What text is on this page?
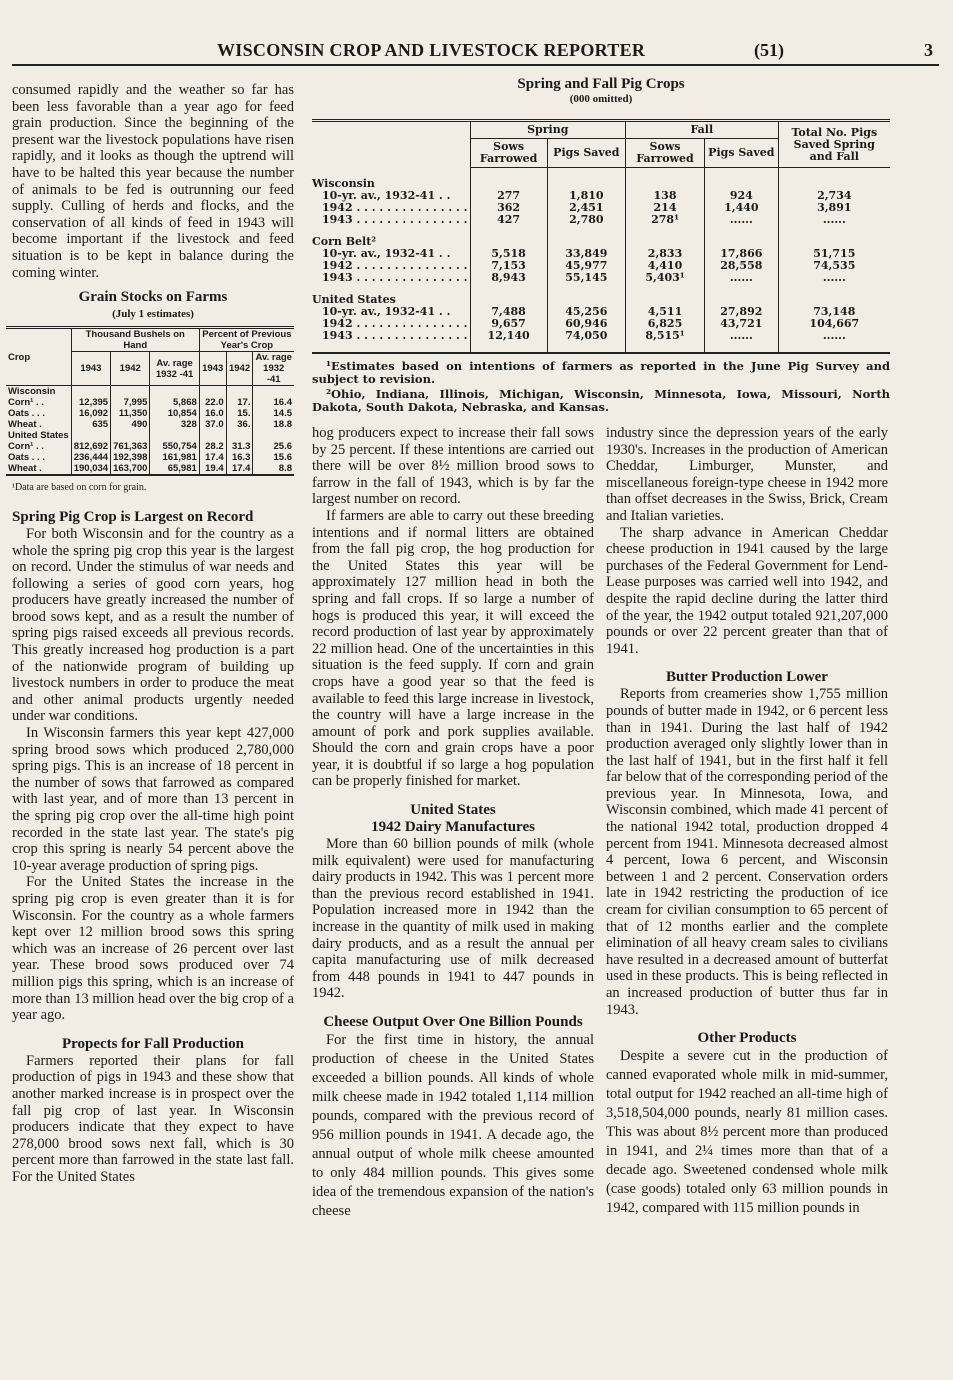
WISCONSIN CROP AND LIVESTOCK REPORTER	(51)	3

consumed rapidly and the weather so far has been less favorable than a year ago for feed grain production. Since the beginning of the present war the livestock populations have risen rapidly, and it looks as though the uptrend will have to be halted this year because the number of animals to be fed is outrunning our feed supply. Culling of herds and flocks, and the conservation of all kinds of feed in 1943 will become important if the livestock and feed situation is to be kept in balance during the coming winter.

Grain Stocks on Farms
(July 1 estimates)
Crop	Thousand Bushels on Hand			Percent of Previous Year's Crop		
	1943	1942	Av. rage 1932 -41	1943	1942	Av. rage 1932 -41
Wisconsin						
Corn¹ . .	12,395	7,995	5,868	22.0	17.	16.4
Oats . . .	16,092	11,350	10,854	16.0	15.	14.5
Wheat .	635	490	328	37.0	36.	18.8
United States						
Corn¹ . .	812,692	761,363	550,754	28.2	31.3	25.6
Oats . . .	236,444	192,398	161,981	17.4	16.3	15.6
Wheat .	190,034	163,700	65,981	19.4	17.4	8.8
¹Data are based on corn for grain.
Spring Pig Crop is Largest on Record

For both Wisconsin and for the country as a whole the spring pig crop this year is the largest on record. Under the stimulus of war needs and following a series of good corn years, hog producers have greatly increased the number of brood sows kept, and as a result the number of spring pigs raised exceeds all previous records. This greatly increased hog production is a part of the nationwide program of building up livestock numbers in order to produce the meat and other animal products urgently needed under war conditions.

In Wisconsin farmers this year kept 427,000 spring brood sows which produced 2,780,000 spring pigs. This is an increase of 18 percent in the number of sows that farrowed as compared with last year, and of more than 13 percent in the spring pig crop over the all-time high point recorded in the state last year. The state's pig crop this spring is nearly 54 percent above the 10-year average production of spring pigs.

For the United States the increase in the spring pig crop is even greater than it is for Wisconsin. For the country as a whole farmers kept over 12 million brood sows this spring which was an increase of 26 percent over last year. These brood sows produced over 74 million pigs this spring, which is an increase of more than 13 million head over the big crop of a year ago.

Propects for Fall Production

Farmers reported their plans for fall production of pigs in 1943 and these show that another marked increase is in prospect over the fall pig crop of last year. In Wisconsin producers indicate that they expect to have 278,000 brood sows next fall, which is 30 percent more than farrowed in the state last fall. For the United States

Spring and Fall Pig Crops
(000 omitted)
	Spring		Fall		Total No. Pigs Saved Spring and Fall
	Sows Farrowed	Pigs Saved	Sows Farrowed	Pigs Saved	

Wisconsin					
10-yr. av., 1932-41 . .	277	1,810	138	924	2,734
1942 . . . . . . . . . . . . . . .	362	2,451	214	1,440	3,891
1943 . . . . . . . . . . . . . . .	427	2,780	278¹	......	......

Corn Belt²					
10-yr. av., 1932-41 . .	5,518	33,849	2,833	17,866	51,715
1942 . . . . . . . . . . . . . . .	7,153	45,977	4,410	28,558	74,535
1943 . . . . . . . . . . . . . . .	8,943	55,145	5,403¹	......	......

United States					
10-yr. av., 1932-41 . .	7,488	45,256	4,511	27,892	73,148
1942 . . . . . . . . . . . . . . .	9,657	60,946	6,825	43,721	104,667
1943 . . . . . . . . . . . . . . .	12,140	74,050	8,515¹	......	......

¹Estimates based on intentions of farmers as reported in the June Pig Survey and subject to revision.

²Ohio, Indiana, Illinois, Michigan, Wisconsin, Minnesota, Iowa, Missouri, North Dakota, South Dakota, Nebraska, and Kansas.

hog producers expect to increase their fall sows by 25 percent. If these intentions are carried out there will be over 8½ million brood sows to farrow in the fall of 1943, which is by far the largest number on record.

If farmers are able to carry out these breeding intentions and if normal litters are obtained from the fall pig crop, the hog production for the United States this year will be approximately 127 million head in both the spring and fall crops. If so large a number of hogs is produced this year, it will exceed the record production of last year by approximately 22 million head. One of the uncertainties in this situation is the feed supply. If corn and grain crops have a good year so that the feed is available to feed this large increase in livestock, the country will have a large increase in the amount of pork and pork supplies available. Should the corn and grain crops have a poor year, it is doubtful if so large a hog population can be properly finished for market.

United States
1942 Dairy Manufactures

More than 60 billion pounds of milk (whole milk equivalent) were used for manufacturing dairy products in 1942. This was 1 percent more than the previous record established in 1941. Population increased more in 1942 than the increase in the quantity of milk used in making dairy products, and as a result the annual per capita manufacturing use of milk decreased from 448 pounds in 1941 to 447 pounds in 1942.

Cheese Output Over One Billion Pounds

For the first time in history, the annual production of cheese in the United States exceeded a billion pounds. All kinds of whole milk cheese made in 1942 totaled 1,114 million pounds, compared with the previous record of 956 million pounds in 1941. A decade ago, the annual output of whole milk cheese amounted to only 484 million pounds. This gives some idea of the tremendous expansion of the nation's cheese

industry since the depression years of the early 1930's. Increases in the production of American Cheddar, Limburger, Munster, and miscellaneous foreign-type cheese in 1942 more than offset decreases in the Swiss, Brick, Cream and Italian varieties.

The sharp advance in American Cheddar cheese production in 1941 caused by the large purchases of the Federal Government for Lend-Lease purposes was carried well into 1942, and despite the rapid decline during the latter third of the year, the 1942 output totaled 921,207,000 pounds or over 22 percent greater than that of 1941.

Butter Production Lower

Reports from creameries show 1,755 million pounds of butter made in 1942, or 6 percent less than in 1941. During the last half of 1942 production averaged only slightly lower than in the last half of 1941, but in the first half it fell far below that of the corresponding period of the previous year. In Minnesota, Iowa, and Wisconsin combined, which made 41 percent of the national 1942 total, production dropped 4 percent from 1941. Minnesota decreased almost 4 percent, Iowa 6 percent, and Wisconsin between 1 and 2 percent. Conservation orders late in 1942 restricting the production of ice cream for civilian consumption to 65 percent of that of 12 months earlier and the complete elimination of all heavy cream sales to civilians have resulted in a decreased amount of butterfat used in these products. This is being reflected in an increased production of butter thus far in 1943.

Other Products

Despite a severe cut in the production of canned evaporated whole milk in mid-summer, total output for 1942 reached an all-time high of 3,518,504,000 pounds, nearly 81 million cases. This was about 8½ percent more than produced in 1941, and 2¼ times more than that of a decade ago. Sweetened condensed whole milk (case goods) totaled only 63 million pounds in 1942, compared with 115 million pounds in
